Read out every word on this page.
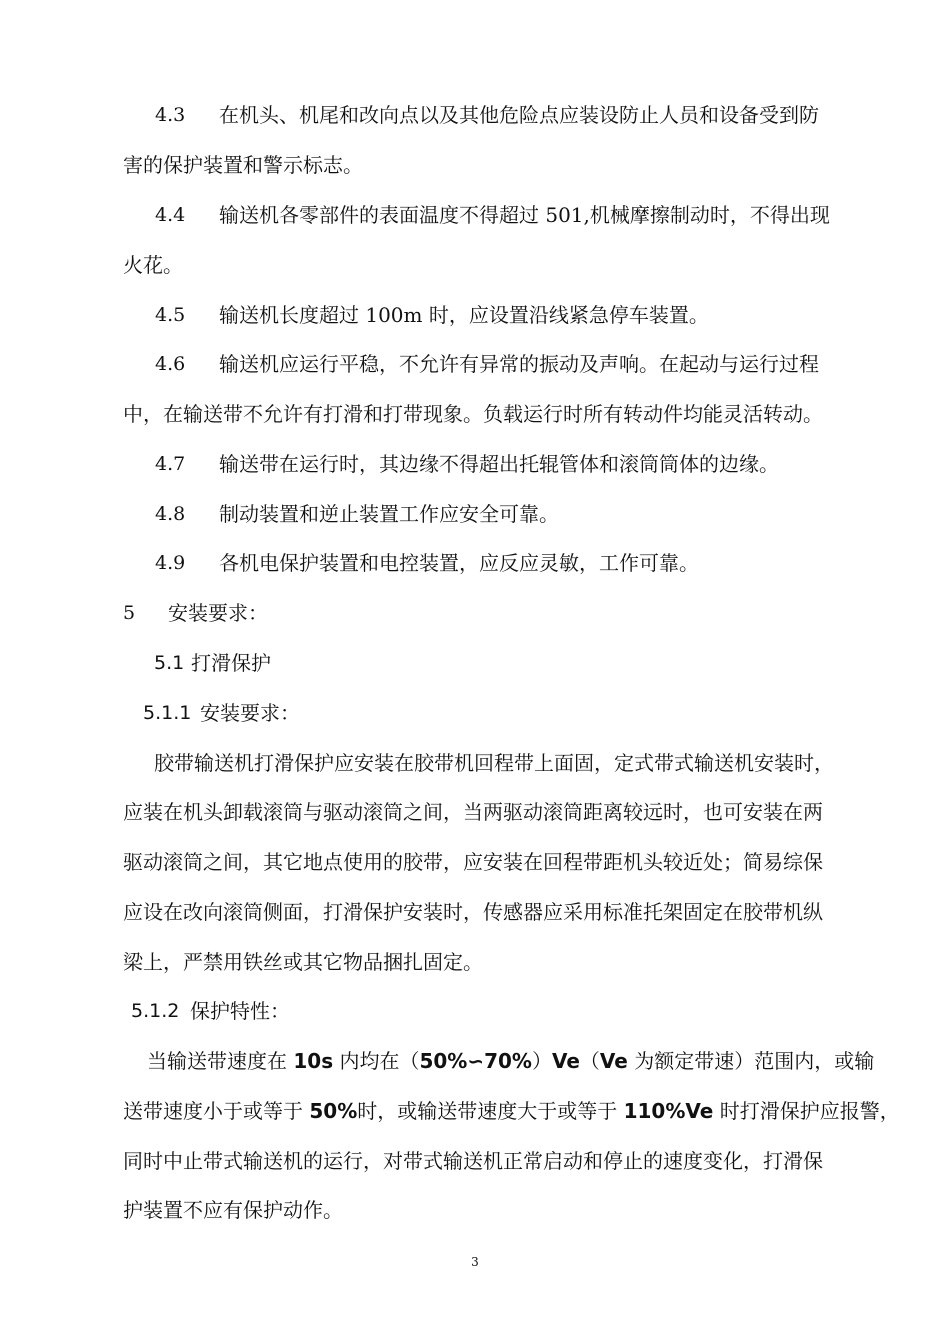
4.3 在机头、机尾和改向点以及其他危险点应装设防止人员和设备受到防
害的保护装置和警示标志。
4.4 输送机各零部件的表面温度不得超过 501,机械摩擦制动时，不得出现
火花。
4.5 输送机长度超过 100m 时，应设置沿线紧急停车装置。
4.6 输送机应运行平稳，不允许有异常的振动及声响。在起动与运行过程
中，在输送带不允许有打滑和打带现象。负载运行时所有转动件均能灵活转动。
4.7 输送带在运行时，其边缘不得超出托辊管体和滚筒筒体的边缘。
4.8 制动装置和逆止装置工作应安全可靠。
4.9 各机电保护装置和电控装置，应反应灵敏，工作可靠。
5 安装要求：
5.1 打滑保护
5.1.1 安装要求：
胶带输送机打滑保护应安装在胶带机回程带上面固，定式带式输送机安装时，
应装在机头卸载滚筒与驱动滚筒之间，当两驱动滚筒距离较远时，也可安装在两
驱动滚筒之间，其它地点使用的胶带，应安装在回程带距机头较近处；简易综保
应设在改向滚筒侧面，打滑保护安装时，传感器应采用标准托架固定在胶带机纵
梁上，严禁用铁丝或其它物品捆扎固定。
5.1.2 保护特性：
当输送带速度在 10s 内均在（50%∽70%）Ve（Ve 为额定带速）范围内，或输
送带速度小于或等于 50%时，或输送带速度大于或等于 110%Ve 时打滑保护应报警，
同时中止带式输送机的运行，对带式输送机正常启动和停止的速度变化，打滑保
护装置不应有保护动作。
3
